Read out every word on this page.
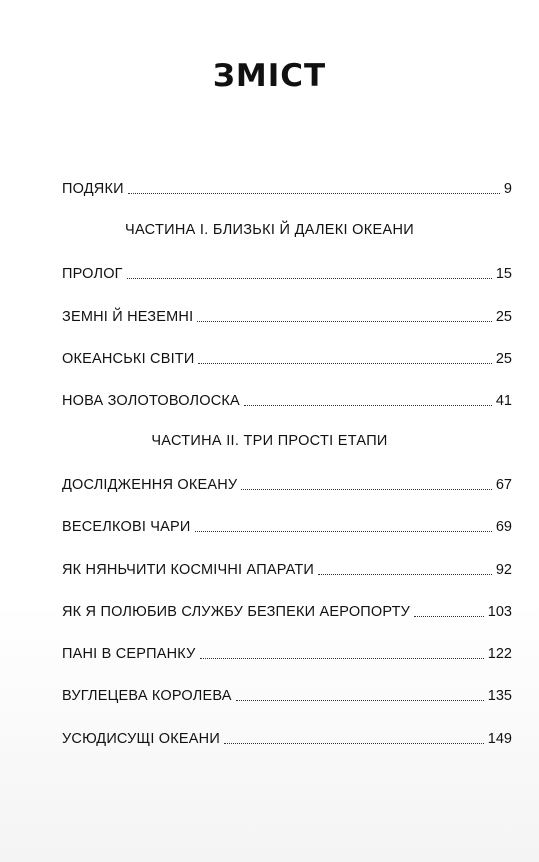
ЗМІСТ
ПОДЯКИ	9
ЧАСТИНА І. БЛИЗЬКІ Й ДАЛЕКІ ОКЕАНИ
ПРОЛОГ	15
ЗЕМНІ Й НЕЗЕМНІ	25
ОКЕАНСЬКІ СВІТИ	25
НОВА ЗОЛОТОВОЛОСКА	41
ЧАСТИНА ІІ. ТРИ ПРОСТІ ЕТАПИ
ДОСЛІДЖЕННЯ ОКЕАНУ	67
ВЕСЕЛКОВІ ЧАРИ	69
ЯК НЯНЬЧИТИ КОСМІЧНІ АПАРАТИ	92
ЯК Я ПОЛЮБИВ СЛУЖБУ БЕЗПЕКИ АЕРОПОРТУ	103
ПАНІ В СЕРПАНКУ	122
ВУГЛЕЦЕВА КОРОЛЕВА	135
УСЮДИСУЩІ ОКЕАНИ	149
